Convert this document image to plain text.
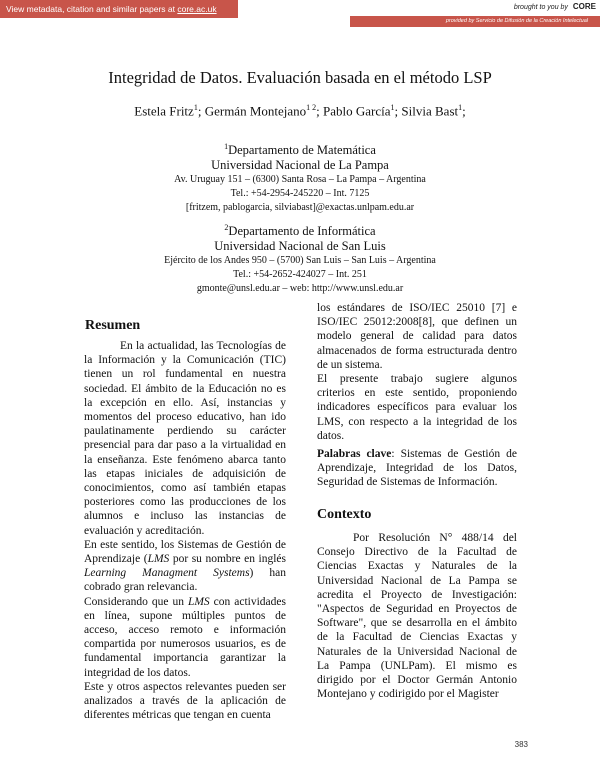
View metadata, citation and similar papers at core.ac.uk	brought to you by CORE
provided by Servicio de Difusión de la Creación Intelectual
Integridad de Datos. Evaluación basada en el método LSP
Estela Fritz$^1$; Germán Montejano$^{1 2}$; Pablo García$^1$; Silvia Bast$^1$;
$^1$Departamento de Matemática
Universidad Nacional de La Pampa
Av. Uruguay 151 – (6300) Santa Rosa – La Pampa – Argentina
Tel.: +54-2954-245220 – Int. 7125
[fritzem, pablogarcia, silviabast]@exactas.unlpam.edu.ar
$^2$Departamento de Informática
Universidad Nacional de San Luis
Ejército de los Andes 950 – (5700) San Luis – San Luis – Argentina
Tel.: +54-2652-424027 – Int. 251
gmonte@unsl.edu.ar – web: http://www.unsl.edu.ar
Resumen

En la actualidad, las Tecnologías de la Información y la Comunicación (TIC) tienen un rol fundamental en nuestra sociedad. El ámbito de la Educación no es la excepción en ello. Así, instancias y momentos del proceso educativo, han ido paulatinamente perdiendo su carácter presencial para dar paso a la virtualidad en la enseñanza. Este fenómeno abarca tanto las etapas iniciales de adquisición de conocimientos, como así también etapas posteriores como las producciones de los alumnos e incluso las instancias de evaluación y acreditación.

En este sentido, los Sistemas de Gestión de Aprendizaje (LMS por su nombre en inglés Learning Managment Systems) han cobrado gran relevancia.

Considerando que un LMS con actividades en línea, supone múltiples puntos de acceso, acceso remoto e información compartida por numerosos usuarios, es de fundamental importancia garantizar la integridad de los datos.

Este y otros aspectos relevantes pueden ser analizados a través de la aplicación de diferentes métricas que tengan en cuenta

los estándares de ISO/IEC 25010 [7] e ISO/IEC 25012:2008[8], que definen un modelo general de calidad para datos almacenados de forma estructurada dentro de un sistema.

El presente trabajo sugiere algunos criterios en este sentido, proponiendo indicadores específicos para evaluar los LMS, con respecto a la integridad de los datos.

Palabras clave: Sistemas de Gestión de Aprendizaje, Integridad de los Datos, Seguridad de Sistemas de Información.

Contexto

Por Resolución N° 488/14 del Consejo Directivo de la Facultad de Ciencias Exactas y Naturales de la Universidad Nacional de La Pampa se acredita el Proyecto de Investigación: "Aspectos de Seguridad en Proyectos de Software", que se desarrolla en el ámbito de la Facultad de Ciencias Exactas y Naturales de la Universidad Nacional de La Pampa (UNLPam). El mismo es dirigido por el Doctor Germán Antonio Montejano y codirigido por el Magister

383
